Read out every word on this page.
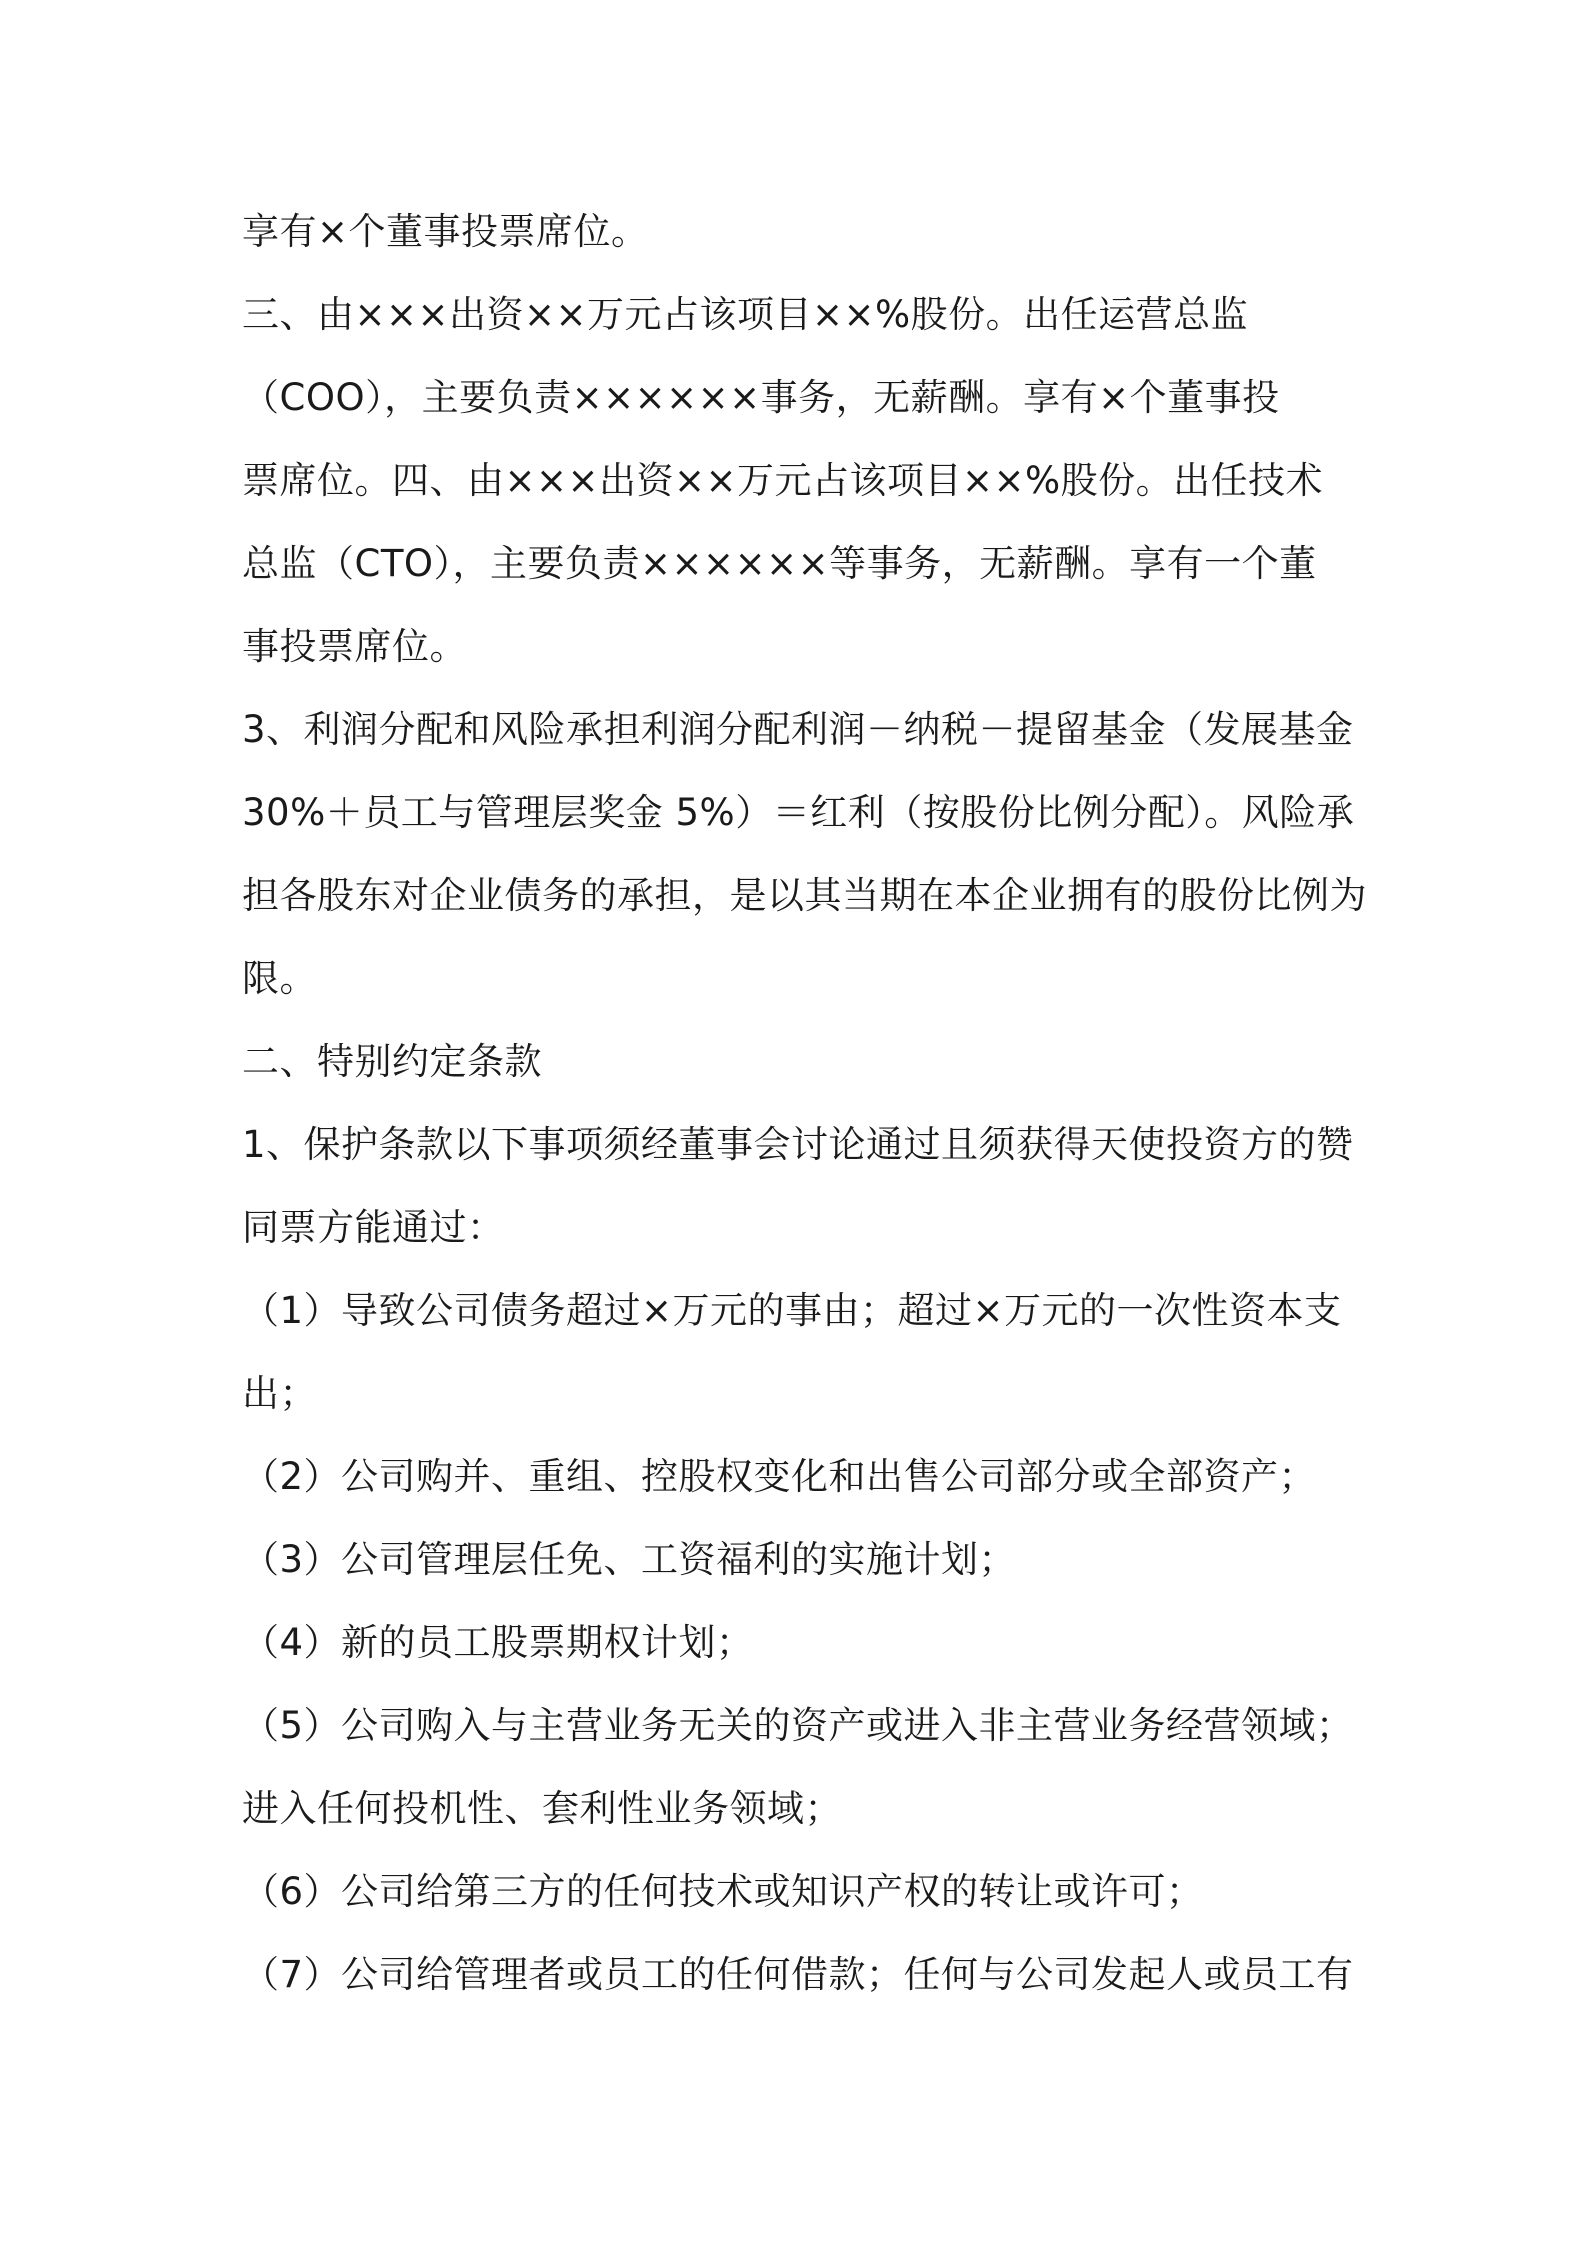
享有×个董事投票席位。
三、由×××出资××万元占该项目××%股份。出任运营总监
（COO），主要负责××××××事务，无薪酬。享有×个董事投
票席位。四、由×××出资××万元占该项目××%股份。出任技术
总监（CTO），主要负责××××××等事务，无薪酬。享有一个董
事投票席位。
3、利润分配和风险承担利润分配利润－纳税－提留基金（发展基金
30%＋员工与管理层奖金 5%）＝红利（按股份比例分配）。风险承
担各股东对企业债务的承担，是以其当期在本企业拥有的股份比例为
限。
二、特别约定条款
1、保护条款以下事项须经董事会讨论通过且须获得天使投资方的赞
同票方能通过：
（1）导致公司债务超过×万元的事由；超过×万元的一次性资本支
出；
（2）公司购并、重组、控股权变化和出售公司部分或全部资产；
（3）公司管理层任免、工资福利的实施计划；
（4）新的员工股票期权计划；
（5）公司购入与主营业务无关的资产或进入非主营业务经营领域；
进入任何投机性、套利性业务领域；
（6）公司给第三方的任何技术或知识产权的转让或许可；
（7）公司给管理者或员工的任何借款；任何与公司发起人或员工有
